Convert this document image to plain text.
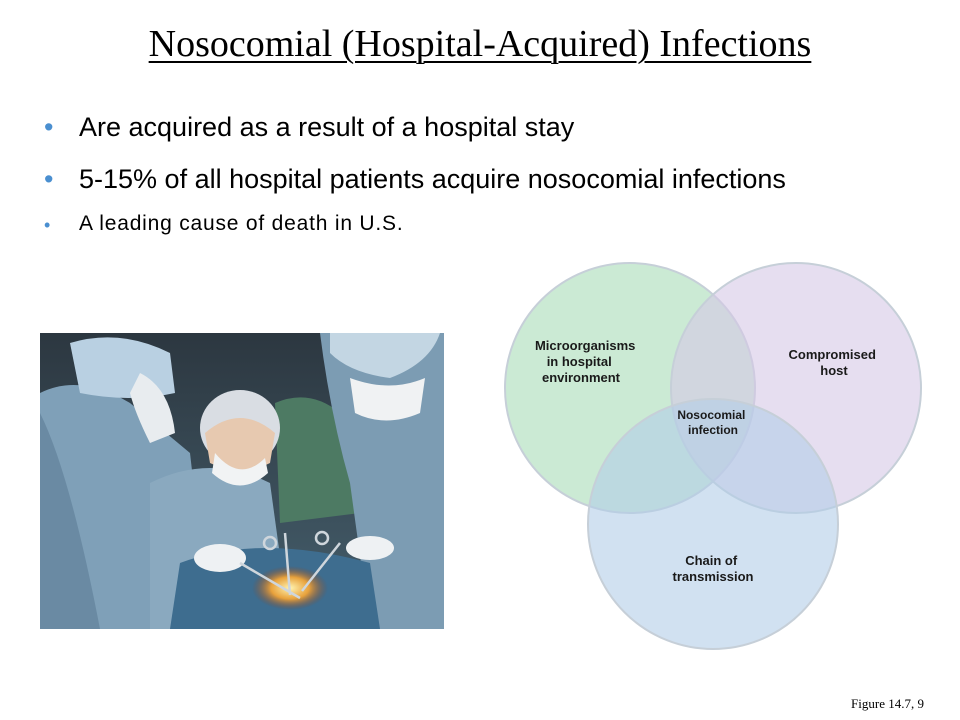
Nosocomial (Hospital-Acquired) Infections
• Are acquired as a result of a hospital stay
• 5-15% of all hospital patients acquire nosocomial infections
• A leading cause of death in U.S.
Microorganisms in hospital environment
Compromised host
Nosocomial infection
Chain of transmission
Figure 14.7, 9
